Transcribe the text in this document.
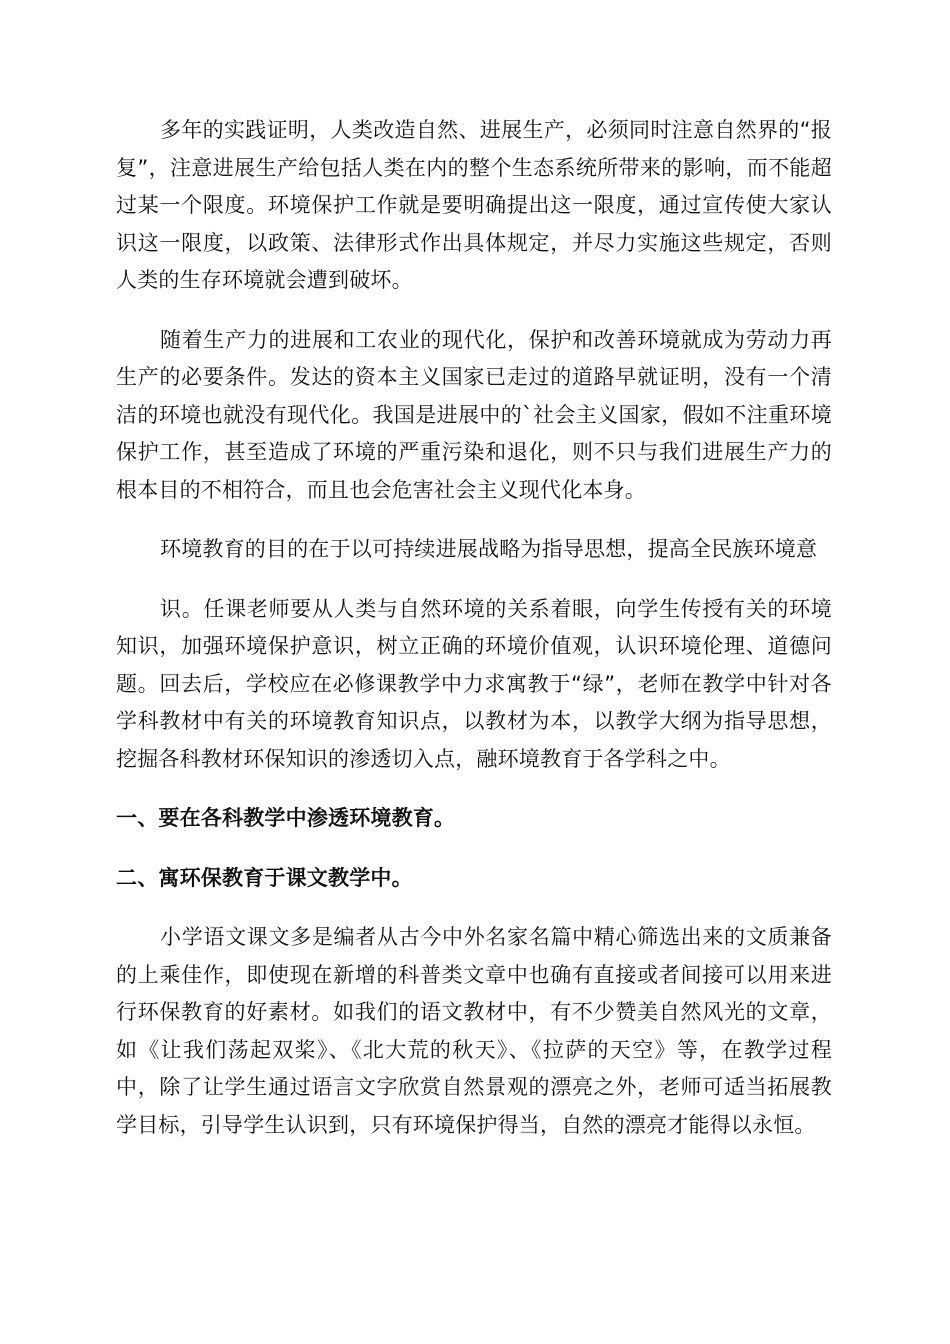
多年的实践证明，人类改造自然、进展生产，必须同时注意自然界的“报复”，注意进展生产给包括人类在内的整个生态系统所带来的影响，而不能超过某一个限度。环境保护工作就是要明确提出这一限度，通过宣传使大家认识这一限度，以政策、法律形式作出具体规定，并尽力实施这些规定，否则人类的生存环境就会遭到破坏。

随着生产力的进展和工农业的现代化，保护和改善环境就成为劳动力再生产的必要条件。发达的资本主义国家已走过的道路早就证明，没有一个清洁的环境也就没有现代化。我国是进展中的`社会主义国家，假如不注重环境保护工作，甚至造成了环境的严重污染和退化，则不只与我们进展生产力的根本目的不相符合，而且也会危害社会主义现代化本身。

环境教育的目的在于以可持续进展战略为指导思想，提高全民族环境意

识。任课老师要从人类与自然环境的关系着眼，向学生传授有关的环境知识，加强环境保护意识，树立正确的环境价值观，认识环境伦理、道德问题。回去后，学校应在必修课教学中力求寓教于“绿”，老师在教学中针对各学科教材中有关的环境教育知识点，以教材为本，以教学大纲为指导思想，挖掘各科教材环保知识的渗透切入点，融环境教育于各学科之中。

一、要在各科教学中渗透环境教育。

二、寓环保教育于课文教学中。

小学语文课文多是编者从古今中外名家名篇中精心筛选出来的文质兼备的上乘佳作，即使现在新增的科普类文章中也确有直接或者间接可以用来进行环保教育的好素材。如我们的语文教材中，有不少赞美自然风光的文章，如《让我们荡起双桨》、《北大荒的秋天》、《拉萨的天空》等，在教学过程中，除了让学生通过语言文字欣赏自然景观的漂亮之外，老师可适当拓展教学目标，引导学生认识到，只有环境保护得当，自然的漂亮才能得以永恒。
